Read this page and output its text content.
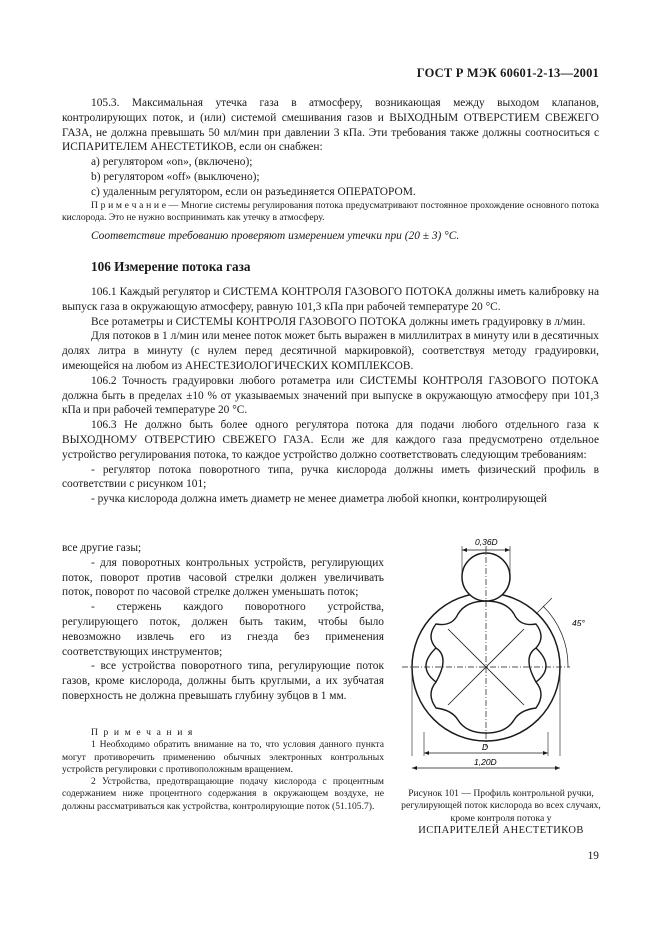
ГОСТ Р МЭК 60601-2-13—2001

105.3. Максимальная утечка газа в атмосферу, возникающая между выходом клапанов, контролирующих поток, и (или) системой смешивания газов и ВЫХОДНЫМ ОТВЕРСТИЕМ СВЕЖЕГО ГАЗА, не должна превышать 50 мл/мин при давлении 3 кПа. Эти требования также должны соотноситься с ИСПАРИТЕЛЕМ АНЕСТЕТИКОВ, если он снабжен:

а) регулятором «on», (включено);

b) регулятором «off» (выключено);

с) удаленным регулятором, если он разъединяется ОПЕРАТОРОМ.

П р и м е ч а н и е — Многие системы регулирования потока предусматривают постоянное прохождение основного потока кислорода. Это не нужно воспринимать как утечку в атмосферу.

Соответствие требованию проверяют измерением утечки при (20 ± 3) °С.

106 Измерение потока газа

106.1 Каждый регулятор и СИСТЕМА КОНТРОЛЯ ГАЗОВОГО ПОТОКА должны иметь калибровку на выпуск газа в окружающую атмосферу, равную 101,3 кПа при рабочей температуре 20 °С.

Все ротаметры и СИСТЕМЫ КОНТРОЛЯ ГАЗОВОГО ПОТОКА должны иметь градуировку в л/мин.

Для потоков в 1 л/мин или менее поток может быть выражен в миллилитрах в минуту или в десятичных долях литра в минуту (с нулем перед десятичной маркировкой), соответствуя методу градуировки, имеющейся на любом из АНЕСТЕЗИОЛОГИЧЕСКИХ КОМПЛЕКСОВ.

106.2 Точность градуировки любого ротаметра или СИСТЕМЫ КОНТРОЛЯ ГАЗОВОГО ПОТОКА должна быть в пределах ±10 % от указываемых значений при выпуске в окружающую атмосферу при 101,3 кПа и при рабочей температуре 20 °С.

106.3 Не должно быть более одного регулятора потока для подачи любого отдельного газа к ВЫХОДНОМУ ОТВЕРСТИЮ СВЕЖЕГО ГАЗА. Если же для каждого газа предусмотрено отдельное устройство регулирования потока, то каждое устройство должно соответствовать следующим требованиям:

- регулятор потока поворотного типа, ручка кислорода должны иметь физический профиль в соответствии с рисунком 101;

- ручка кислорода должна иметь диаметр не менее диаметра любой кнопки, контролирующей

все другие газы;

- для поворотных контрольных устройств, регулирующих поток, поворот против часовой стрелки должен увеличивать поток, поворот по часовой стрелке должен уменьшать поток;

- стержень каждого поворотного устройства, регулирующего поток, должен быть таким, чтобы было невозможно извлечь его из гнезда без применения соответствующих инструментов;

- все устройства поворотного типа, регулирующие поток газов, кроме кислорода, должны быть круглыми, а их зубчатая поверхность не должна превышать глубину зубцов в 1 мм.

П р и м е ч а н и я

1 Необходимо обратить внимание на то, что условия данного пункта могут противоречить применению обычных электронных контрольных устройств регулировки с противоположным вращением.

2 Устройства, предотвращающие подачу кислорода с процентным содержанием ниже процентного содержания в окружающем воздухе, не должны рассматриваться как устройства, контролирующие поток (51.105.7).

0,36D
45°
D
1,20D
Рисунок 101 — Профиль контрольной ручки, регулирующей поток кислорода во всех случаях, кроме контроля потока у
ИСПАРИТЕЛЕЙ АНЕСТЕТИКОВ
19
